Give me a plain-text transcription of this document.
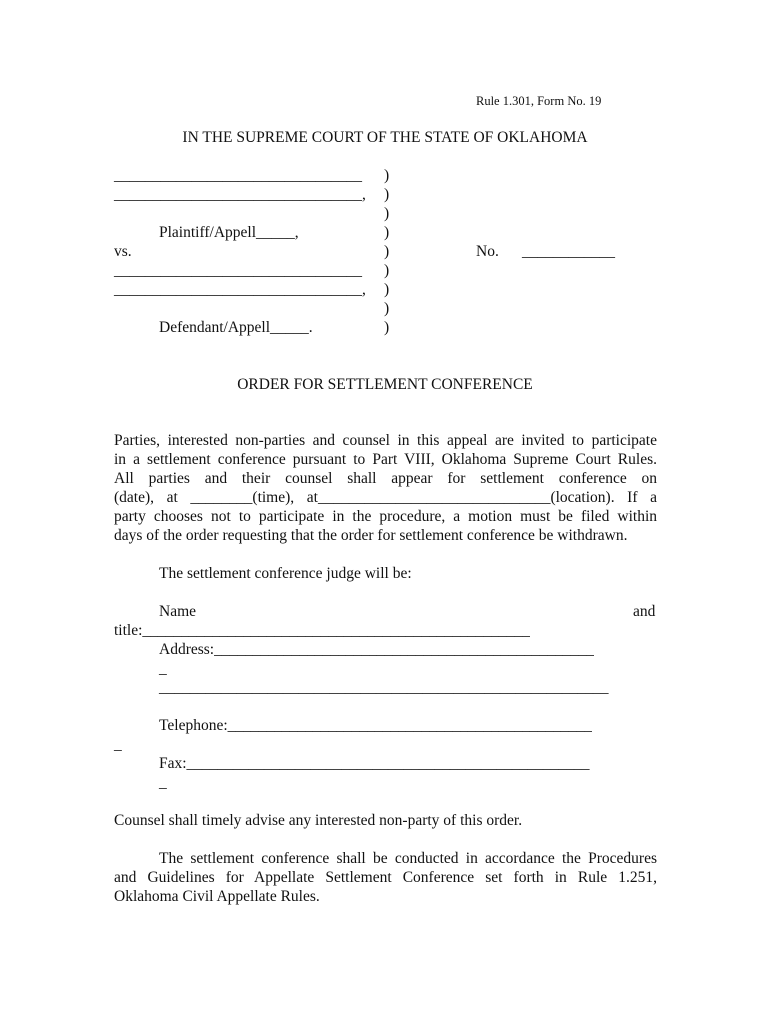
Rule 1.301, Form No. 19
IN THE SUPREME COURT OF THE STATE OF OKLAHOMA
________________________________ )
________________________________, )
)
Plaintiff/Appell_____,	)
vs.	)	No. ____________
________________________________ )
________________________________, )
)
Defendant/Appell_____.	)
ORDER FOR SETTLEMENT CONFERENCE
Parties, interested non-parties and counsel in this appeal are invited to participate
in a settlement conference pursuant to Part VIII, Oklahoma Supreme Court Rules.
All parties and their counsel shall appear for settlement conference on
(date), at ________(time), at______________________________(location). If a
party chooses not to participate in the procedure, a motion must be filed within
days of the order requesting that the order for settlement conference be withdrawn.
The settlement conference judge will be:
Name	and
title:__________________________________________________
Address:_________________________________________________
_
__________________________________________________________
Telephone:_______________________________________________
_
Fax:____________________________________________________
_
Counsel shall timely advise any interested non-party of this order.
The settlement conference shall be conducted in accordance the Procedures
and Guidelines for Appellate Settlement Conference set forth in Rule 1.251,
Oklahoma Civil Appellate Rules.
